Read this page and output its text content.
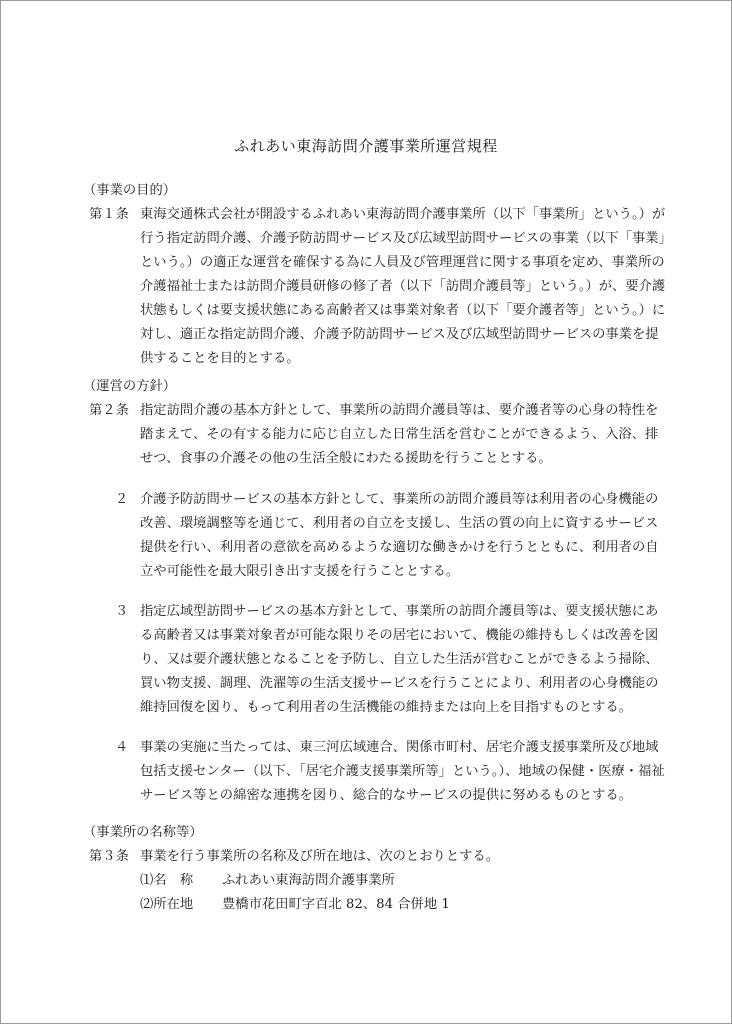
ふれあい東海訪問介護事業所運営規程
（事業の目的）
第１条 東海交通株式会社が開設するふれあい東海訪問介護事業所（以下「事業所」という。）が
行う指定訪問介護、介護予防訪問サービス及び広域型訪問サービスの事業（以下「事業」
という。）の適正な運営を確保する為に人員及び管理運営に関する事項を定め、事業所の
介護福祉士または訪問介護員研修の修了者（以下「訪問介護員等」という。）が、要介護
状態もしくは要支援状態にある高齢者又は事業対象者（以下「要介護者等」という。）に
対し、適正な指定訪問介護、介護予防訪問サービス及び広域型訪問サービスの事業を提
供することを目的とする。
（運営の方針）
第２条 指定訪問介護の基本方針として、事業所の訪問介護員等は、要介護者等の心身の特性を
踏まえて、その有する能力に応じ自立した日常生活を営むことができるよう、入浴、排
せつ、食事の介護その他の生活全般にわたる援助を行うこととする。
２ 介護予防訪問サービスの基本方針として、事業所の訪問介護員等は利用者の心身機能の
改善、環境調整等を通じて、利用者の自立を支援し、生活の質の向上に資するサービス
提供を行い、利用者の意欲を高めるような適切な働きかけを行うとともに、利用者の自
立や可能性を最大限引き出す支援を行うこととする。
３ 指定広域型訪問サービスの基本方針として、事業所の訪問介護員等は、要支援状態にあ
る高齢者又は事業対象者が可能な限りその居宅において、機能の維持もしくは改善を図
り、又は要介護状態となることを予防し、自立した生活が営むことができるよう掃除、
買い物支援、調理、洗濯等の生活支援サービスを行うことにより、利用者の心身機能の
維持回復を図り、もって利用者の生活機能の維持または向上を目指すものとする。
４ 事業の実施に当たっては、東三河広域連合、関係市町村、居宅介護支援事業所及び地域
包括支援センター（以下、「居宅介護支援事業所等」という。）、地域の保健・医療・福祉
サービス等との綿密な連携を図り、総合的なサービスの提供に努めるものとする。
（事業所の名称等）
第３条 事業を行う事業所の名称及び所在地は、次のとおりとする。
⑴名　称 ふれあい東海訪問介護事業所
⑵所在地 豊橋市花田町字百北 82、84 合併地 1
